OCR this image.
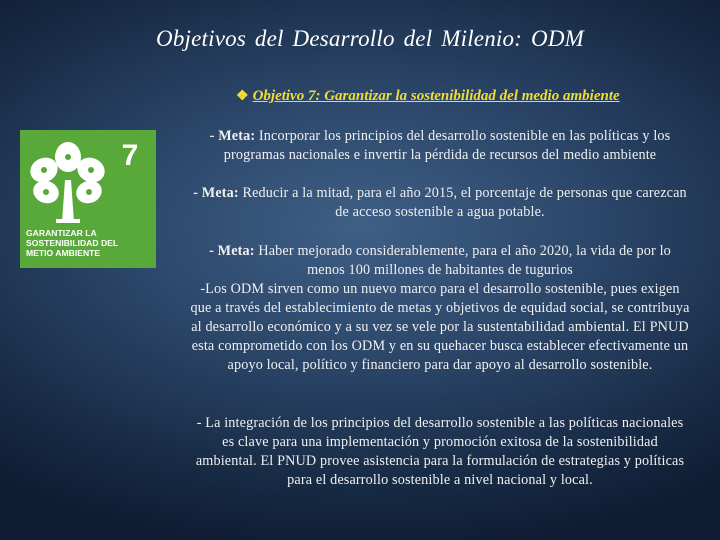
Objetivos del Desarrollo del Milenio: ODM
❖ Objetivo 7: Garantizar la sostenibilidad del medio ambiente
7
GARANTIZAR LA
SOSTENIBILIDAD DEL
METIO AMBIENTE
- Meta: Incorporar los principios del desarrollo sostenible en las políticas y los programas nacionales e invertir la pérdida de recursos del medio ambiente
- Meta: Reducir a la mitad, para el año 2015, el porcentaje de personas que carezcan de acceso sostenible a agua potable.
- Meta: Haber mejorado considerablemente, para el año 2020, la vida de por lo menos 100 millones de habitantes de tugurios
-Los ODM sirven como un nuevo marco para el desarrollo sostenible, pues exigen que a través del establecimiento de metas y objetivos de equidad social, se contribuya al desarrollo económico y a su vez se vele por la sustentabilidad ambiental. El PNUD esta comprometido con los ODM y en su quehacer busca establecer efectivamente un apoyo local, político y financiero para dar apoyo al desarrollo sostenible.
- La integración de los principios del desarrollo sostenible a las políticas nacionales es clave para una implementación y promoción exitosa de la sostenibilidad ambiental. El PNUD provee asistencia para la formulación de estrategias y políticas para el desarrollo sostenible a nivel nacional y local.
